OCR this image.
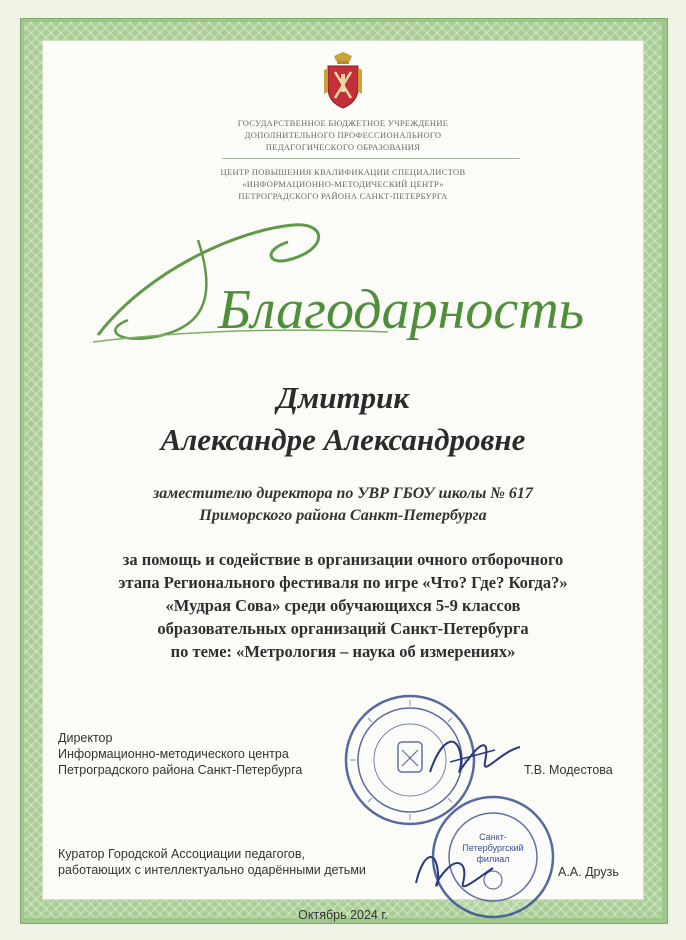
ГОСУДАРСТВЕННОЕ БЮДЖЕТНОЕ УЧРЕЖДЕНИЕ
ДОПОЛНИТЕЛЬНОГО ПРОФЕССИОНАЛЬНОГО
ПЕДАГОГИЧЕСКОГО ОБРАЗОВАНИЯ
ЦЕНТР ПОВЫШЕНИЯ КВАЛИФИКАЦИИ СПЕЦИАЛИСТОВ
«ИНФОРМАЦИОННО-МЕТОДИЧЕСКИЙ ЦЕНТР»
ПЕТРОГРАДСКОГО РАЙОНА САНКТ-ПЕТЕРБУРГА
Благодарность
Дмитрик
Александре Александровне
заместителю директора по УВР ГБОУ школы № 617
Приморского района Санкт-Петербурга
за помощь и содействие в организации очного отборочного
этапа Регионального фестиваля по игре «Что? Где? Когда?»
«Мудрая Сова» среди обучающихся 5-9 классов
образовательных организаций Санкт-Петербурга
по теме: «Метрология – наука об измерениях»
Директор
Информационно-методического центра
Петроградского района Санкт-Петербурга	Т.В. Модестова
Куратор Городской Ассоциации педагогов,
работающих с интеллектуально одарёнными детьми	А.А. Друзь
Санкт-
Петербургский
филиал
Октябрь 2024 г.
